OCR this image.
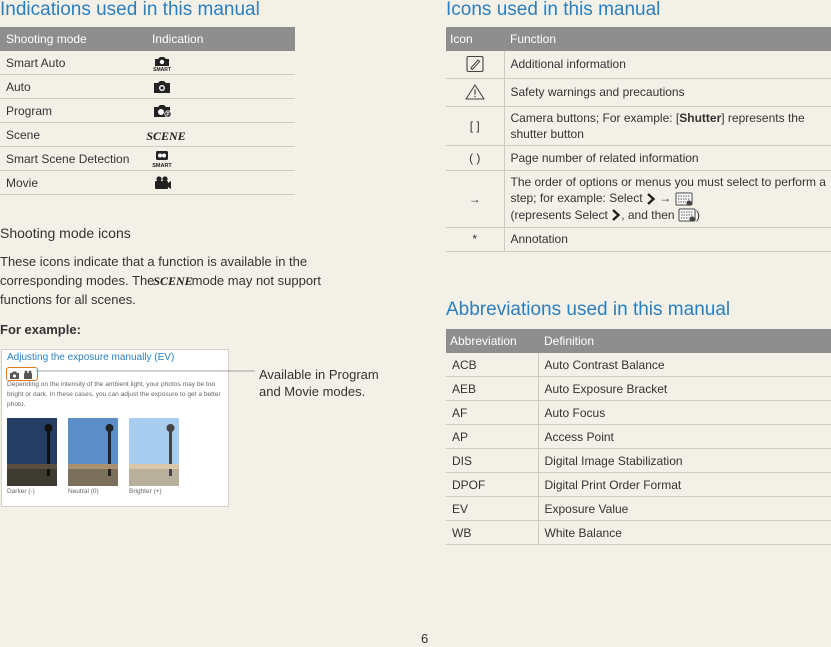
Indications used in this manual
Shooting mode	Indication
Smart Auto	SMART

Auto	
Program	P

Scene	SCENE

Smart Scene Detection	SMART

Movie	
Shooting mode icons
These icons indicate that a function is available in the corresponding modes. The
SCENE
mode may not support functions for all scenes.
For example:
Adjusting the exposure manually (EV)
Depending on the intensity of the ambient light, your photos may be too bright or dark. In these cases, you can adjust the exposure to get a better photo.
Darker (-)	Neutral (0)	Brighter (+)
Available in Program and Movie modes.
Icons used in this manual
Icon	Function
	Additional information
	Safety warnings and precautions
[ ]	Camera buttons; For example: [Shutter] represents the shutter button
( )	Page number of related information
→	The order of options or menus you must select to perform a step; for example: Select  →
(represents Select , and then )
*	Annotation
Abbreviations used in this manual
Abbreviation	Definition
ACB	Auto Contrast Balance
AEB	Auto Exposure Bracket
AF	Auto Focus
AP	Access Point
DIS	Digital Image Stabilization
DPOF	Digital Print Order Format
EV	Exposure Value
WB	White Balance
6
